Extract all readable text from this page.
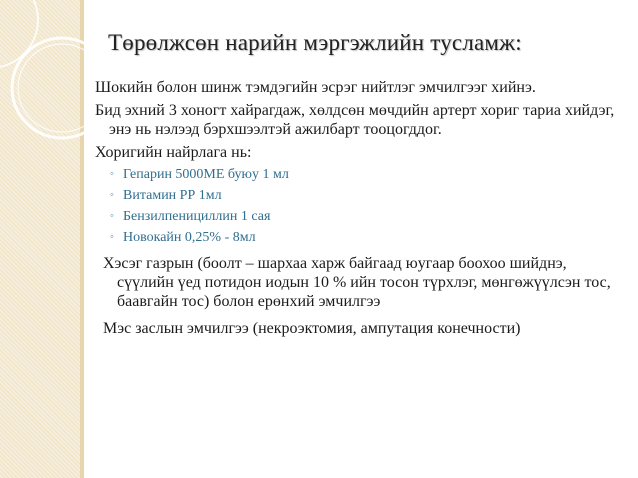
Төрөлжсөн нарийн мэргэжлийн тусламж:

Шокийн болон шинж тэмдэгийн эсрэг нийтлэг эмчилгээг хийнэ.

Бид эхний 3 хоногт хайрагдаж, хөлдсөн мөчдийн артерт хориг тариа хийдэг, энэ нь нэлээд бэрхшээлтэй ажилбарт тооцогддог.

Хоригийн найрлага нь:

◦ Гепарин 5000МЕ буюу 1 мл
◦ Витамин РР 1мл
◦ Бензилпенициллин 1 сая
◦ Новокайн 0,25% - 8мл

Хэсэг газрын (боолт – шархаа харж байгаад юугаар боохоо шийднэ, сүүлийн үед потидон иодын 10 % ийн тосон түрхлэг, мөнгөжүүлсэн тос, баавгайн тос) болон ерөнхий эмчилгээ

Мэс заслын эмчилгээ (некроэктомия, ампутация конечности)
